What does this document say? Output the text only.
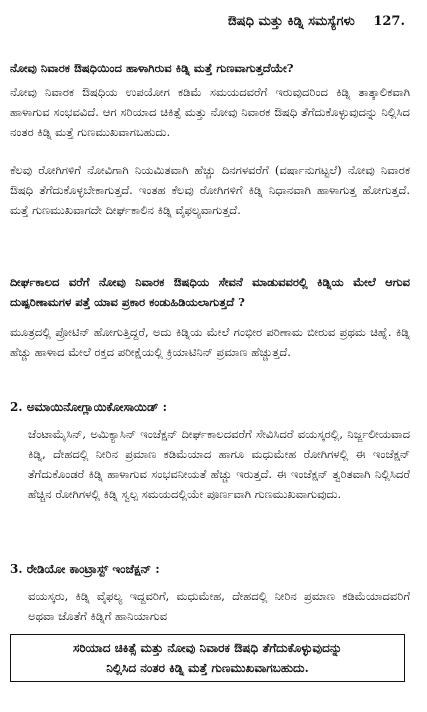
ಔಷಧಿ ಮತ್ತು ಕಿಡ್ನಿ ಸಮಸ್ಯೆಗಳು 127.
ನೋವು ನಿವಾರಕ ಔಷಧಿಯಿಂದ ಹಾಳಾಗಿರುವ ಕಿಡ್ನಿ ಮತ್ತೆ ಗುಣವಾಗುತ್ತದೆಯೇ?
ನೋವು ನಿವಾರಕ ಔಷಧಿಯ ಉಪಯೋಗ ಕಡಿಮೆ ಸಮಯದವರೆಗೆ ಇರುವುದರಿಂದ ಕಿಡ್ನಿ ತಾತ್ಕಾಲಿಕವಾಗಿ ಹಾಳಾಗುವ ಸಂಭವವಿದೆ. ಆಗ ಸರಿಯಾದ ಚಿಕಿತ್ಸೆ ಮತ್ತು ನೋವು ನಿವಾರಕ ಔಷಧಿ ತೆಗೆದುಕೊಳ್ಳುವುದನ್ನು ನಿಲ್ಲಿಸಿದ ನಂತರ ಕಿಡ್ನಿ ಮತ್ತೆ ಗುಣಮುಖವಾಗಬಹುದು.
ಕೆಲವು ರೋಗಿಗಳಿಗೆ ನೋವಿಗಾಗಿ ನಿಯಮಿತವಾಗಿ ಹೆಚ್ಚು ದಿನಗಳವರೆಗೆ (ವರ್ಷಾನುಗಟ್ಟಲೆ) ನೋವು ನಿವಾರಕ ಔಷಧಿ ತೆಗೆದುಕೊಳ್ಳಬೇಕಾಗುತ್ತದೆ. ಇಂತಹ ಕೆಲವು ರೋಗಿಗಳಿಗೆ ಕಿಡ್ನಿ ನಿಧಾನವಾಗಿ ಹಾಳಾಗುತ್ತ ಹೋಗುತ್ತದೆ. ಮತ್ತೆ ಗುಣಮುಖವಾಗದೇ ದೀರ್ಘಕಾಲಿನ ಕಿಡ್ನಿ ವೈಫಲ್ಯವಾಗುತ್ತದೆ.
ದೀರ್ಘಕಾಲದ ವರೆಗೆ ನೋವು ನಿವಾರಕ ಔಷಧಿಯ ಸೇವನೆ ಮಾಡುವವರಲ್ಲಿ ಕಿಡ್ನಿಯ ಮೇಲೆ ಆಗುವ ದುಷ್ಪರಿಣಾಮಗಳ ಪತ್ತೆ ಯಾವ ಪ್ರಕಾರ ಕಂಡುಹಿಡಿಯಲಾಗುತ್ತದೆ ?
ಮೂತ್ರದಲ್ಲಿ ಪ್ರೋಟಿನ್ ಹೋಗುತ್ತಿದ್ದರೆ, ಅದು ಕಿಡ್ನಿಯ ಮೇಲೆ ಗಂಭೀರ ಪರಿಣಾಮ ಬೀರುವ ಪ್ರಥಮ ಚಿಹ್ನೆ. ಕಿಡ್ನಿ ಹೆಚ್ಚು ಹಾಳಾದ ಮೇಲೆ ರಕ್ತದ ಪರೀಕ್ಷೆಯಲ್ಲಿ ಕ್ರಿಯಾಟಿನಿನ್ ಪ್ರಮಾಣ ಹೆಚ್ಚುತ್ತದೆ.
2. ಅಮಾಯಿನೋಗ್ಲಾಯಿಕೋಸಾಯಿಡ್ :
ಜೆಂಟಾಮೈಸಿನ್, ಅಮಿಕ್ಯಾಸಿನ್ ಇಂಜೆಕ್ಷನ್ ದೀರ್ಘಕಾಲದವರೆಗೆ ಸೇವಿಸಿದರೆ ವಯಸ್ಕರಲ್ಲಿ, ನಿರ್ಜ್ಜಲೀಯವಾದ ಕಿಡ್ನಿ, ದೇಹದಲ್ಲಿ ನೀರಿನ ಪ್ರಮಾಣ ಕಡಿಮೆಯಾದ ಹಾಗೂ ಮಧುಮೇಹ ರೋಗಿಗಳಲ್ಲಿ ಈ ಇಂಜೆಕ್ಷನ್ ತೆಗೆದುಕೊಂಡರೆ ಕಿಡ್ನಿ ಹಾಳಾಗುವ ಸಂಭವನೀಯತೆ ಹೆಚ್ಚು ಇರುತ್ತದೆ. ಈ ಇಂಜೆಕ್ಷನ್ ತ್ವರಿತವಾಗಿ ನಿಲ್ಲಿಸಿದರೆ ಹೆಚ್ಚಿನ ರೋಗಿಗಳಲ್ಲಿ ಕಿಡ್ನಿ ಸ್ವಲ್ಪ ಸಮಯದಲ್ಲಿಯೇ ಪೂರ್ಣವಾಗಿ ಗುಣಮುಖವಾಗುವುದು.
3. ರೇಡಿಯೋ ಕಾಂಟ್ರಾಸ್ಟ್ ಇಂಜೆಕ್ಷನ್ :
ವಯಸ್ಕರು, ಕಿಡ್ನಿ ವೈಫಲ್ಯ ಇದ್ದವರಿಗೆ, ಮಧುಮೇಹ, ದೇಹದಲ್ಲಿ ನೀರಿನ ಪ್ರಮಾಣ ಕಡಿಮೆಯಾದವರಿಗೆ ಅಥವಾ ಜೊತೆಗೆ ಕಿಡ್ನಿಗೆ ಹಾನಿಯಾಗುವ
ಸರಿಯಾದ ಚಿಕಿತ್ಸೆ ಮತ್ತು ನೋವು ನಿವಾರಕ ಔಷಧಿ ತೆಗೆದುಕೊಳ್ಳುವುದನ್ನು
ನಿಲ್ಲಿಸಿದ ನಂತರ ಕಿಡ್ನಿ ಮತ್ತೆ ಗುಣಮುಖವಾಗಬಹುದು.
